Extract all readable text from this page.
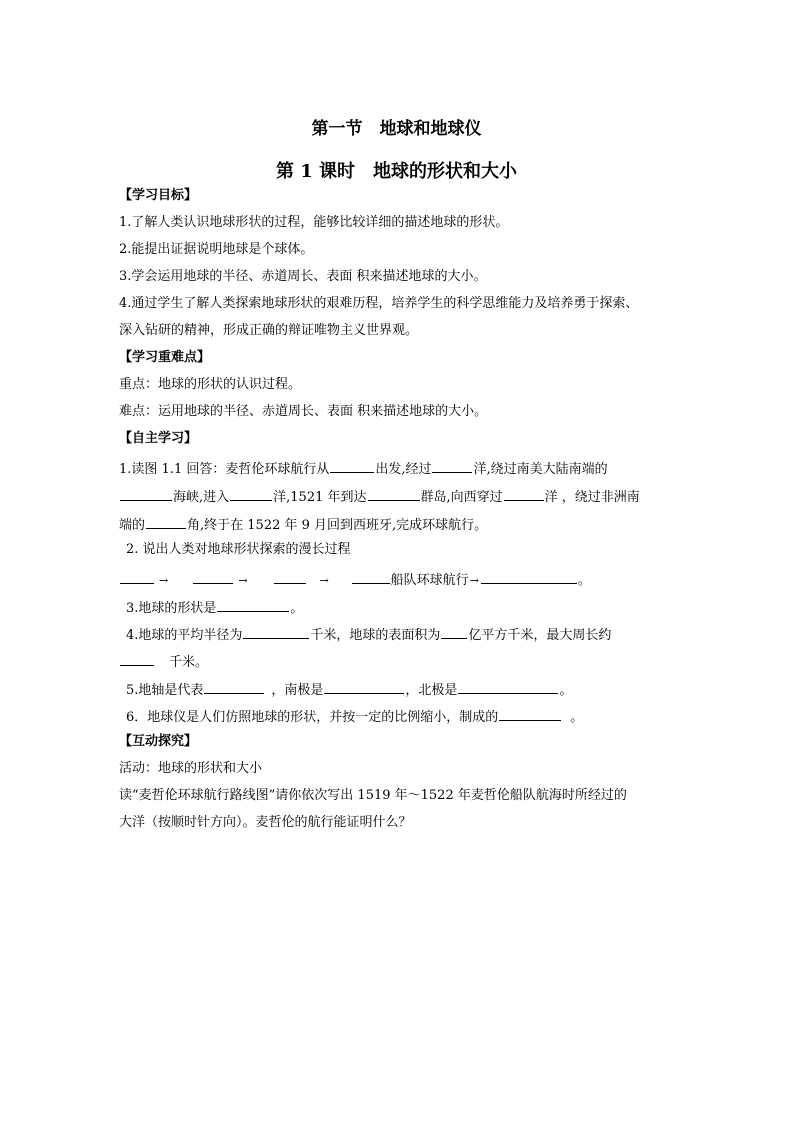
第一节　地球和地球仪
第 1 课时　地球的形状和大小
【学习目标】
1.了解人类认识地球形状的过程，能够比较详细的描述地球的形状。
2.能提出证据说明地球是个球体。
3.学会运用地球的半径、赤道周长、表面 积来描述地球的大小。
4.通过学生了解人类探索地球形状的艰难历程，培养学生的科学思维能力及培养勇于探索、
深入钻研的精神，形成正确的辩证唯物主义世界观。
【学习重难点】
重点：地球的形状的认识过程。
难点：运用地球的半径、赤道周长、表面 积来描述地球的大小。
【自主学习】
1.读图 1.1 回答：麦哲伦环球航行从	出发,经过	洋,绕过南美大陆南端的
海峡,进入	洋,1521 年到达	群岛,向西穿过	洋 ，绕过非洲南
端的	角,终于在 1522 年 9 月回到西班牙,完成环球航行。
2. 说出人类对地球形状探索的漫长过程
→	→	→	船队环球航行→	。
3.地球的形状是	。
4.地球的平均半径为	千米，地球的表面积为 亿平方千米，最大周长约
千米。
5.地轴是代表	，南极是	，北极是	。
6．地球仪是人们仿照地球的形状，并按一定的比例缩小，制成的	。
【互动探究】
活动：地球的形状和大小
读“麦哲伦环球航行路线图”请你依次写出 1519 年～1522 年麦哲伦船队航海时所经过的
大洋（按顺时针方向）。麦哲伦的航行能证明什么？
